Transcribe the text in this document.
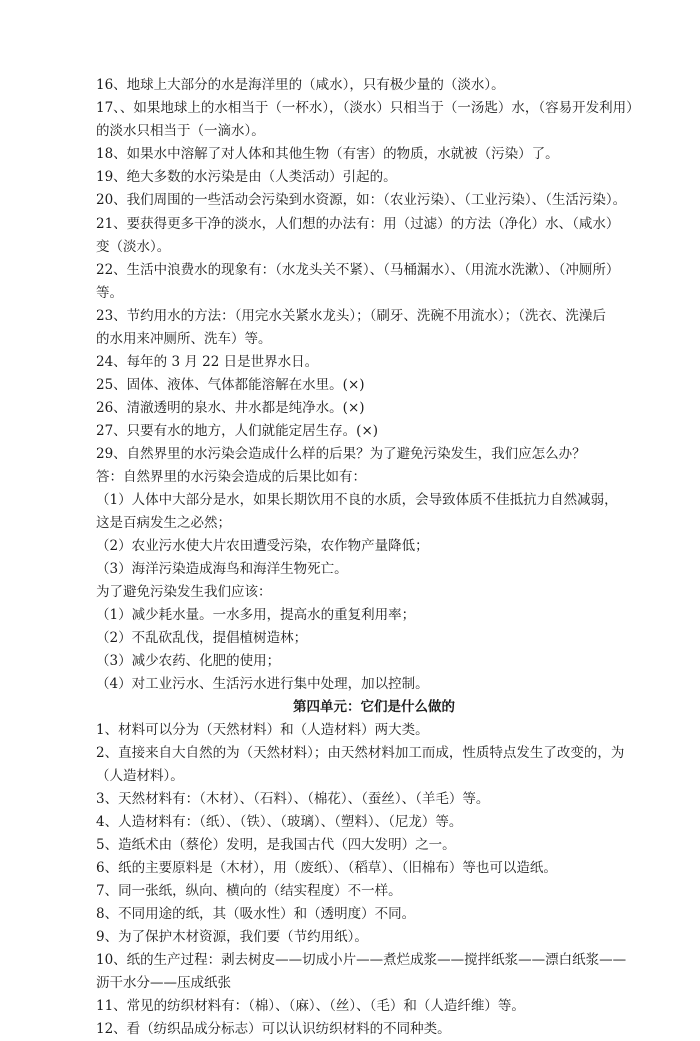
16、地球上大部分的水是海洋里的（咸水），只有极少量的（淡水）。
17、、如果地球上的水相当于（一杯水），（淡水）只相当于（一汤匙）水，（容易开发利用）
的淡水只相当于（一滴水）。
18、如果水中溶解了对人体和其他生物（有害）的物质，水就被（污染）了。
19、绝大多数的水污染是由（人类活动）引起的。
20、我们周围的一些活动会污染到水资源，如：（农业污染）、（工业污染）、（生活污染）。
21、要获得更多干净的淡水，人们想的办法有：用（过滤）的方法（净化）水、（咸水）
变（淡水）。
22、生活中浪费水的现象有：（水龙头关不紧）、（马桶漏水）、（用流水洗漱）、（冲厕所）
等。
23、节约用水的方法：（用完水关紧水龙头）；（刷牙、洗碗不用流水）；（洗衣、洗澡后
的水用来冲厕所、洗车）等。
24、每年的 3 月 22 日是世界水日。
25、固体、液体、气体都能溶解在水里。(×)
26、清澈透明的泉水、井水都是纯净水。(×)
27、只要有水的地方，人们就能定居生存。(×)
29、自然界里的水污染会造成什么样的后果？为了避免污染发生，我们应怎么办？
答：自然界里的水污染会造成的后果比如有：
（1）人体中大部分是水，如果长期饮用不良的水质，会导致体质不佳抵抗力自然减弱，
这是百病发生之必然；
（2）农业污水使大片农田遭受污染，农作物产量降低；
（3）海洋污染造成海鸟和海洋生物死亡。
为了避免污染发生我们应该：
（1）减少耗水量。一水多用，提高水的重复利用率；
（2）不乱砍乱伐，提倡植树造林；
（3）减少农药、化肥的使用；
（4）对工业污水、生活污水进行集中处理，加以控制。
第四单元：它们是什么做的
1、材料可以分为（天然材料）和（人造材料）两大类。
2、直接来自大自然的为（天然材料）；由天然材料加工而成，性质特点发生了改变的，为
（人造材料）。
3、天然材料有：（木材）、（石料）、（棉花）、（蚕丝）、（羊毛）等。
4、人造材料有：（纸）、（铁）、（玻璃）、（塑料）、（尼龙）等。
5、造纸术由（蔡伦）发明，是我国古代（四大发明）之一。
6、纸的主要原料是（木材），用（废纸）、（稻草）、（旧棉布）等也可以造纸。
7、同一张纸，纵向、横向的（结实程度）不一样。
8、不同用途的纸，其（吸水性）和（透明度）不同。
9、为了保护木材资源，我们要（节约用纸）。
10、纸的生产过程：剥去树皮——切成小片——煮烂成浆——搅拌纸浆——漂白纸浆——
沥干水分——压成纸张
11、常见的纺织材料有：（棉）、（麻）、（丝）、（毛）和（人造纤维）等。
12、看（纺织品成分标志）可以认识纺织材料的不同种类。
